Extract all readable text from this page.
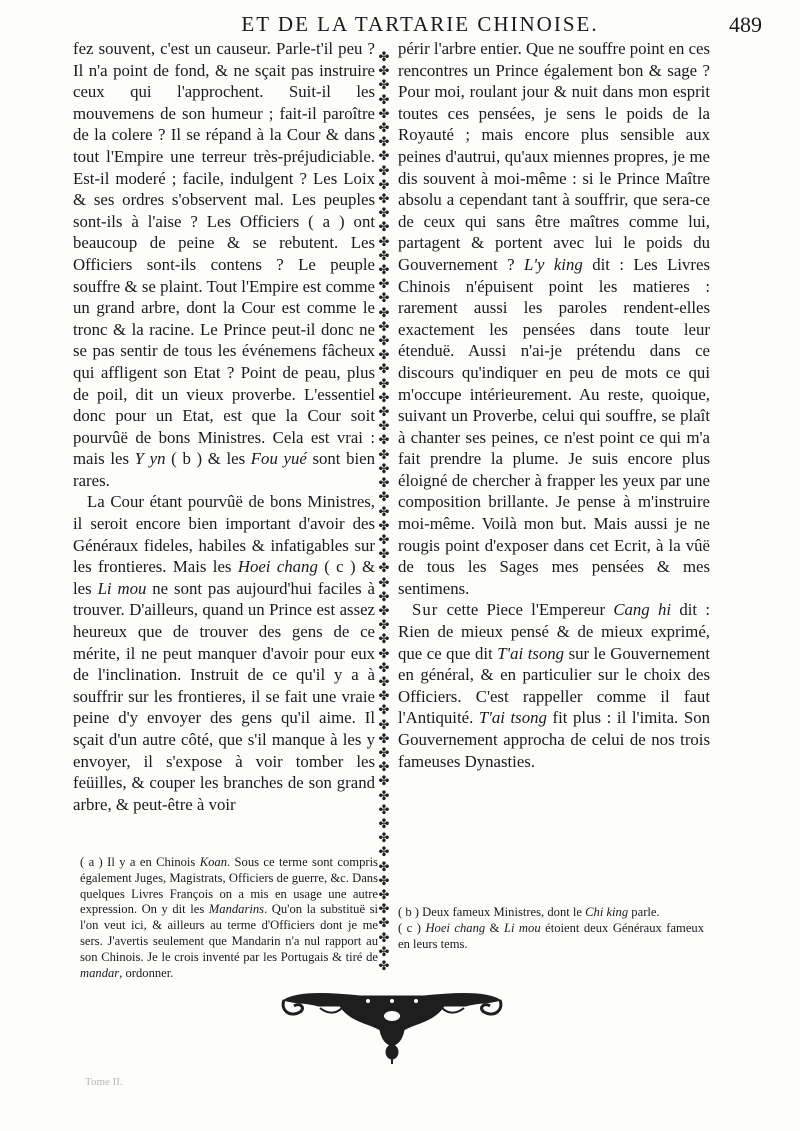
ET DE LA TARTARIE CHINOISE.	489

fez souvent, c'est un causeur. Parle-t'il peu ? Il n'a point de fond, & ne sçait pas instruire ceux qui l'approchent. Suit-il les mouvemens de son humeur ; fait-il paroître de la colere ? Il se répand à la Cour & dans tout l'Empire une terreur très-préjudiciable. Est-il moderé ; facile, indulgent ? Les Loix & ses ordres s'observent mal. Les peuples sont-ils à l'aise ? Les Officiers ( a ) ont beaucoup de peine & se rebutent. Les Officiers sont-ils contens ? Le peuple souffre & se plaint. Tout l'Empire est comme un grand arbre, dont la Cour est comme le tronc & la racine. Le Prince peut-il donc ne se pas sentir de tous les événemens fâcheux qui affligent son Etat ? Point de peau, plus de poil, dit un vieux proverbe. L'essentiel donc pour un Etat, est que la Cour soit pourvûë de bons Ministres. Cela est vrai : mais les Y yn ( b ) & les Fou yué sont bien rares.

La Cour étant pourvûë de bons Ministres, il seroit encore bien important d'avoir des Généraux fideles, habiles & infatigables sur les frontieres. Mais les Hoei chang ( c ) & les Li mou ne sont pas aujourd'hui faciles à trouver. D'ailleurs, quand un Prince est assez heureux que de trouver des gens de ce mérite, il ne peut manquer d'avoir pour eux de l'inclination. Instruit de ce qu'il y a à souffrir sur les frontieres, il se fait une vraie peine d'y envoyer des gens qu'il aime. Il sçait d'un autre côté, que s'il manque à les y envoyer, il s'expose à voir tomber les feüilles, & couper les branches de son grand arbre, & peut-être à voir

✤✤✤✤✤✤✤✤✤✤✤✤✤✤✤✤✤✤✤✤✤✤✤✤✤✤✤✤✤✤✤✤✤✤✤✤✤✤✤✤✤✤✤✤✤✤✤✤✤✤✤✤✤✤✤✤✤✤✤✤✤✤✤✤✤

périr l'arbre entier. Que ne souffre point en ces rencontres un Prince également bon & sage ? Pour moi, roulant jour & nuit dans mon esprit toutes ces pensées, je sens le poids de la Royauté ; mais encore plus sensible aux peines d'autrui, qu'aux miennes propres, je me dis souvent à moi-même : si le Prince Maître absolu a cependant tant à souffrir, que sera-ce de ceux qui sans être maîtres comme lui, partagent & portent avec lui le poids du Gouvernement ? L'y king dit : Les Livres Chinois n'épuisent point les matieres : rarement aussi les paroles rendent-elles exactement les pensées dans toute leur étenduë. Aussi n'ai-je prétendu dans ce discours qu'indiquer en peu de mots ce qui m'occupe intérieurement. Au reste, quoique, suivant un Proverbe, celui qui souffre, se plaît à chanter ses peines, ce n'est point ce qui m'a fait prendre la plume. Je suis encore plus éloigné de chercher à frapper les yeux par une composition brillante. Je pense à m'instruire moi-même. Voilà mon but. Mais aussi je ne rougis point d'exposer dans cet Ecrit, à la vûë de tous les Sages mes pensées & mes sentimens.

Sur cette Piece l'Empereur Cang hi dit : Rien de mieux pensé & de mieux exprimé, que ce que dit T'ai tsong sur le Gouvernement en général, & en particulier sur le choix des Officiers. C'est rappeller comme il faut l'Antiquité. T'ai tsong fit plus : il l'imita. Son Gouvernement approcha de celui de nos trois fameuses Dynasties.

( a ) Il y a en Chinois Koan. Sous ce terme sont compris également Juges, Magistrats, Officiers de guerre, &c. Dans quelques Livres François on a mis en usage une autre expression. On y dit les Mandarins. Qu'on la substituë si l'on veut ici, & ailleurs au terme d'Officiers dont je me sers. J'avertis seulement que Mandarin n'a nul rapport au son Chinois. Je le crois inventé par les Portugais & tiré de mandar, ordonner.

( b ) Deux fameux Ministres, dont le Chi king parle.

( c ) Hoei chang & Li mou étoient deux Généraux fameux en leurs tems.

Tome II.
